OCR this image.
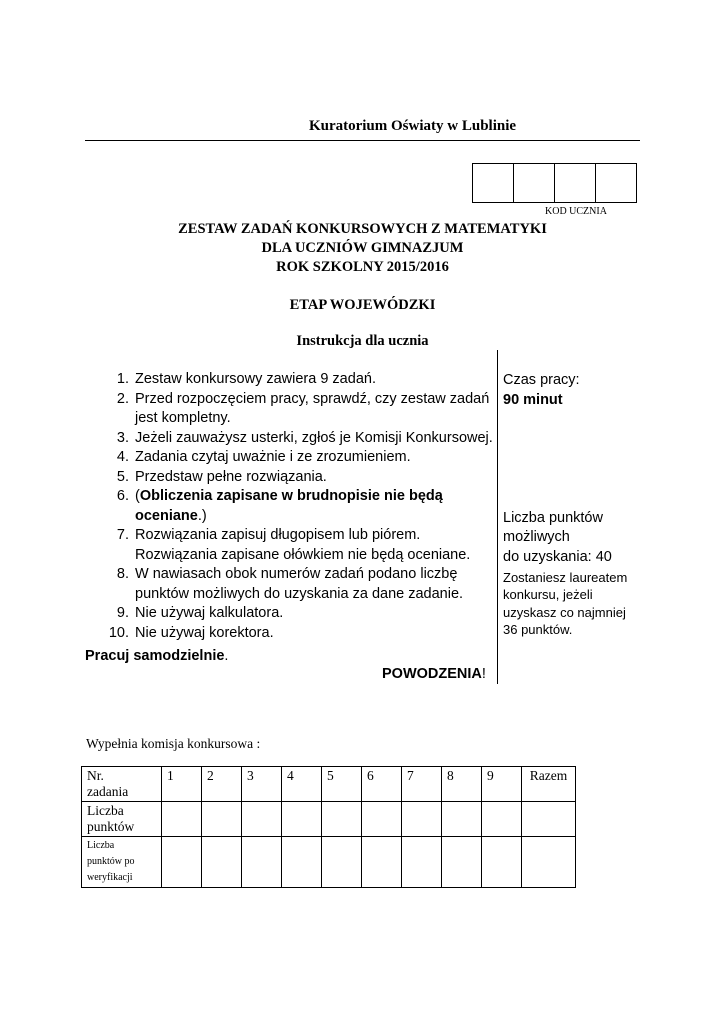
Kuratorium Oświaty w Lublinie

KOD UCZNIA
ZESTAW ZADAŃ KONKURSOWYCH Z MATEMATYKI
DLA UCZNIÓW GIMNAZJUM
ROK SZKOLNY 2015/2016
ETAP WOJEWÓDZKI
Instrukcja dla ucznia
1. Zestaw konkursowy zawiera 9 zadań.
2. Przed rozpoczęciem pracy, sprawdź, czy zestaw zadań jest kompletny.
3. Jeżeli zauważysz usterki, zgłoś je Komisji Konkursowej.
4. Zadania czytaj uważnie i ze zrozumieniem.
5. Przedstaw pełne rozwiązania.
6. (Obliczenia zapisane w brudnopisie nie będą oceniane.)
7. Rozwiązania zapisuj długopisem lub piórem. Rozwiązania zapisane ołówkiem nie będą oceniane.
8. W nawiasach obok numerów zadań podano liczbę punktów możliwych do uzyskania za dane zadanie.
9. Nie używaj kalkulatora.
10. Nie używaj korektora.
Pracuj samodzielnie.
POWODZENIA!
Czas pracy:
90 minut
Liczba punktów
możliwych
do uzyskania: 40
Zostaniesz laureatem
konkursu, jeżeli
uzyskasz co najmniej
36 punktów.
Wypełnia komisja konkursowa :
Nr.
zadania	1	2	3	4	5	6	7	8	9	Razem

Liczba
punktów										

Liczba
punktów po
weryfikacji										
